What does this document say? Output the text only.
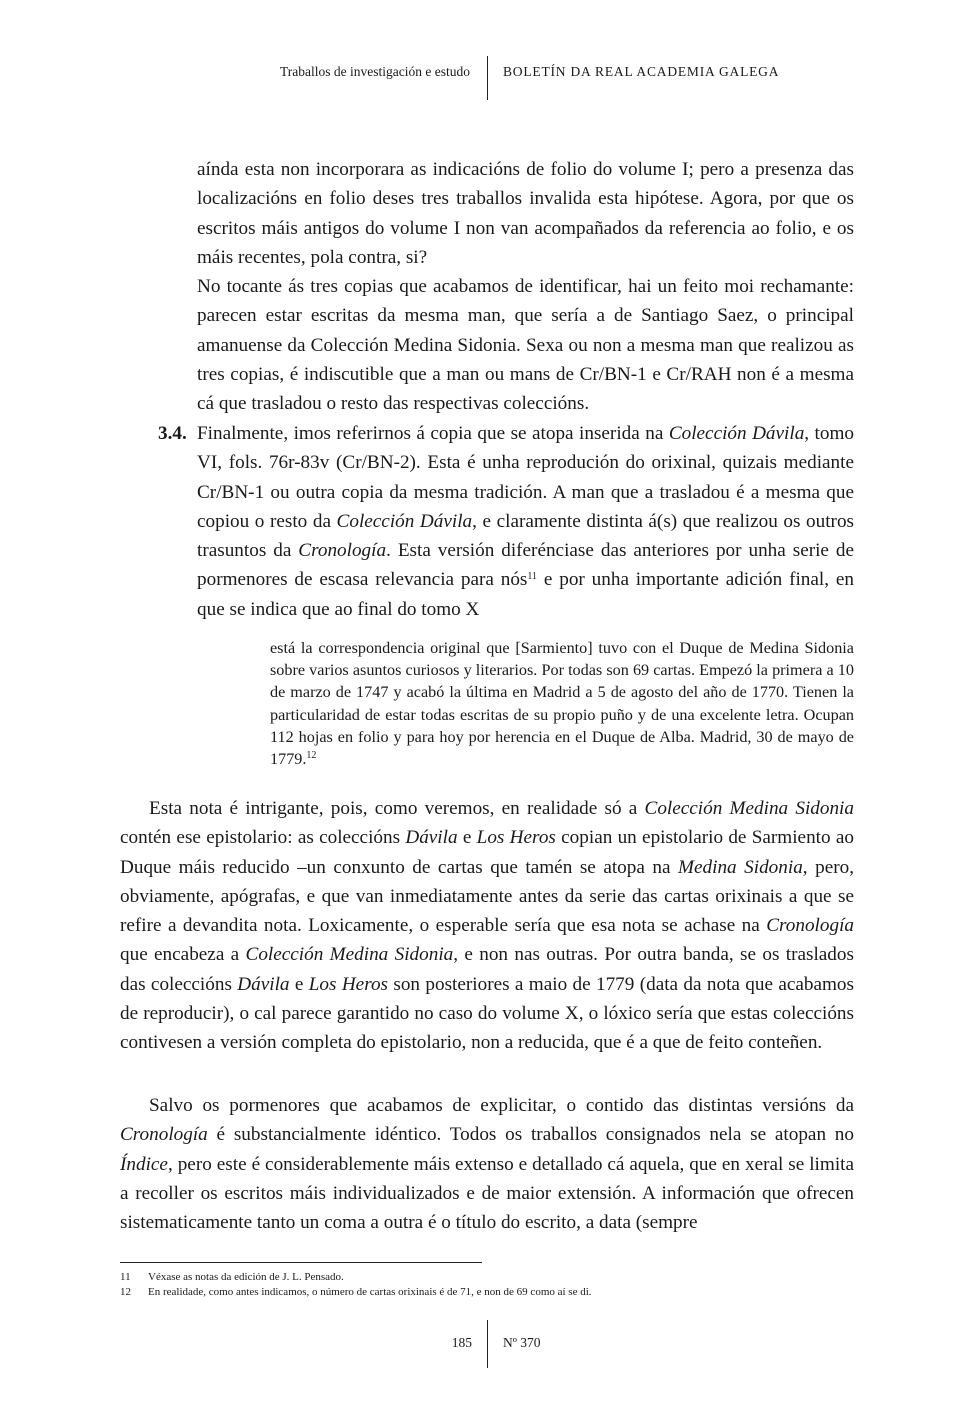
Traballos de investigación e estudo BOLETÍN DA REAL ACADEMIA GALEGA

aínda esta non incorporara as indicacións de folio do volume I; pero a presenza das localizacións en folio deses tres traballos invalida esta hipótese. Agora, por que os escritos máis antigos do volume I non van acompañados da referencia ao folio, e os máis recentes, pola contra, si?

No tocante ás tres copias que acabamos de identificar, hai un feito moi rechamante: parecen estar escritas da mesma man, que sería a de Santiago Saez, o principal amanuense da Colección Medina Sidonia. Sexa ou non a mesma man que realizou as tres copias, é indiscutible que a man ou mans de Cr/BN-1 e Cr/RAH non é a mesma cá que trasladou o resto das respectivas coleccións.

3.4. Finalmente, imos referirnos á copia que se atopa inserida na Colección Dávila, tomo VI, fols. 76r-83v (Cr/BN-2). Esta é unha reprodución do orixinal, quizais mediante Cr/BN-1 ou outra copia da mesma tradición. A man que a trasladou é a mesma que copiou o resto da Colección Dávila, e claramente distinta á(s) que realizou os outros trasuntos da Cronología. Esta versión diferénciase das anteriores por unha serie de pormenores de escasa relevancia para nós$^{11}$ e por unha importante adición final, en que se indica que ao final do tomo X

está la correspondencia original que [Sarmiento] tuvo con el Duque de Medina Sidonia sobre varios asuntos curiosos y literarios. Por todas son 69 cartas. Empezó la primera a 10 de marzo de 1747 y acabó la última en Madrid a 5 de agosto del año de 1770. Tienen la particularidad de estar todas escritas de su propio puño y de una excelente letra. Ocupan 112 hojas en folio y para hoy por herencia en el Duque de Alba. Madrid, 30 de mayo de 1779.12

Esta nota é intrigante, pois, como veremos, en realidade só a Colección Medina Sidonia contén ese epistolario: as coleccións Dávila e Los Heros copian un epistolario de Sarmiento ao Duque máis reducido –un conxunto de cartas que tamén se atopa na Medina Sidonia, pero, obviamente, apógrafas, e que van inmediatamente antes da serie das cartas orixinais a que se refire a devandita nota. Loxicamente, o esperable sería que esa nota se achase na Cronología que encabeza a Colección Medina Sidonia, e non nas outras. Por outra banda, se os traslados das coleccións Dávila e Los Heros son posteriores a maio de 1779 (data da nota que acabamos de reproducir), o cal parece garantido no caso do volume X, o lóxico sería que estas coleccións contivesen a versión completa do epistolario, non a reducida, que é a que de feito conteñen.

Salvo os pormenores que acabamos de explicitar, o contido das distintas versións da Cronología é substancialmente idéntico. Todos os traballos consignados nela se atopan no Índice, pero este é considerablemente máis extenso e detallado cá aquela, que en xeral se limita a recoller os escritos máis individualizados e de maior extensión. A información que ofrecen sistematicamente tanto un coma a outra é o título do escrito, a data (sempre

11 Véxase as notas da edición de J. L. Pensado.
12 En realidade, como antes indicamos, o número de cartas orixinais é de 71, e non de 69 como aí se di.
185 Nº 370
